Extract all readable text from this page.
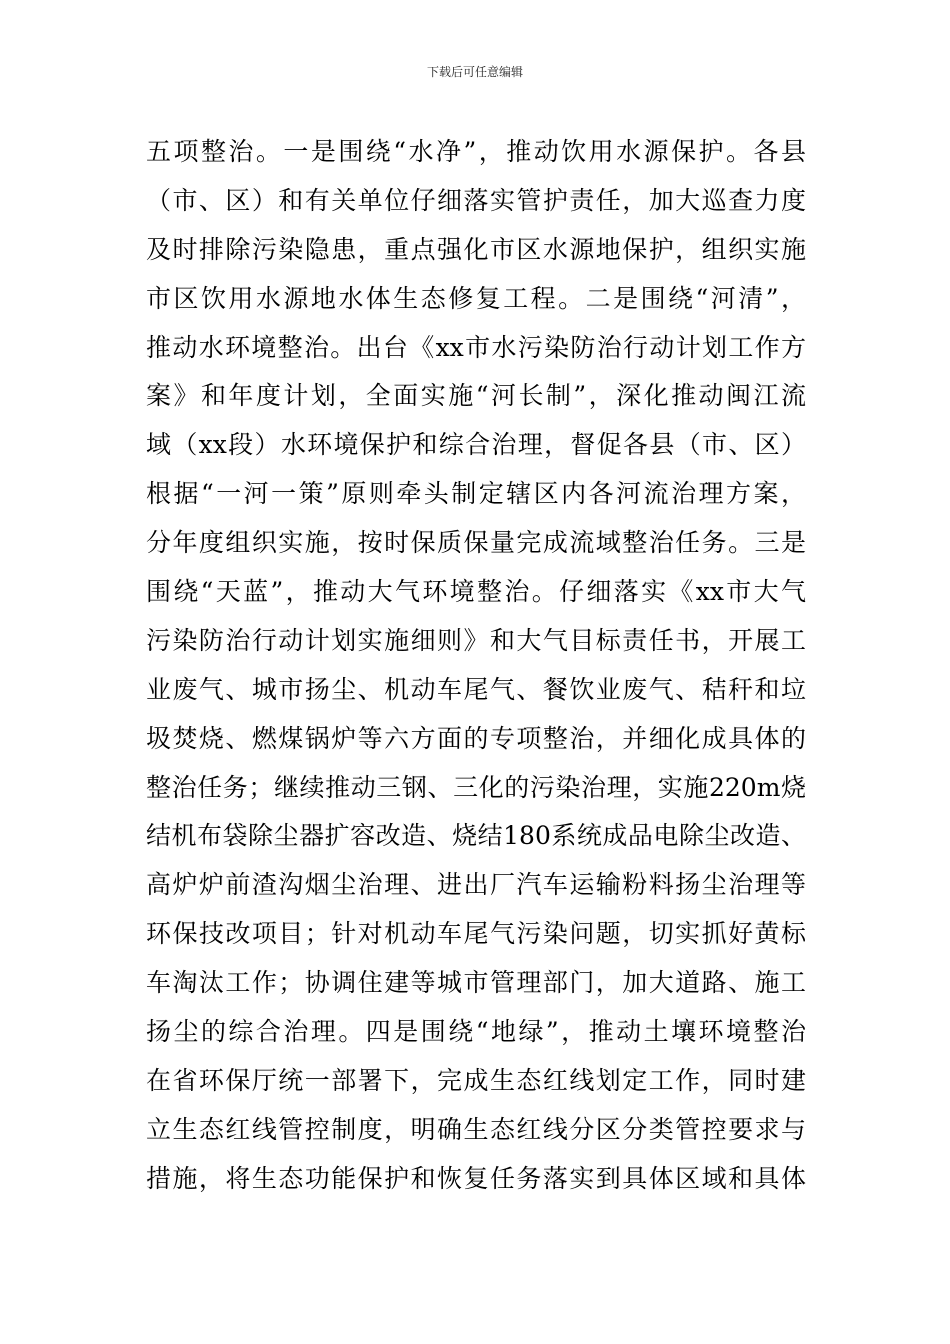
下载后可任意编辑
五项整治。一是围绕“水净”，推动饮用水源保护。各县
（市、区）和有关单位仔细落实管护责任，加大巡查力度
及时排除污染隐患，重点强化市区水源地保护，组织实施
市区饮用水源地水体生态修复工程。二是围绕“河清”，
推动水环境整治。出台《xx市水污染防治行动计划工作方
案》和年度计划，全面实施“河长制”，深化推动闽江流
域（xx段）水环境保护和综合治理，督促各县（市、区）
根据“一河一策”原则牵头制定辖区内各河流治理方案，
分年度组织实施，按时保质保量完成流域整治任务。三是
围绕“天蓝”，推动大气环境整治。仔细落实《xx市大气
污染防治行动计划实施细则》和大气目标责任书，开展工
业废气、城市扬尘、机动车尾气、餐饮业废气、秸秆和垃
圾焚烧、燃煤锅炉等六方面的专项整治，并细化成具体的
整治任务；继续推动三钢、三化的污染治理，实施220m烧
结机布袋除尘器扩容改造、烧结180系统成品电除尘改造、
高炉炉前渣沟烟尘治理、进出厂汽车运输粉料扬尘治理等
环保技改项目；针对机动车尾气污染问题，切实抓好黄标
车淘汰工作；协调住建等城市管理部门，加大道路、施工
扬尘的综合治理。四是围绕“地绿”，推动土壤环境整治
在省环保厅统一部署下，完成生态红线划定工作，同时建
立生态红线管控制度，明确生态红线分区分类管控要求与
措施，将生态功能保护和恢复任务落实到具体区域和具体
